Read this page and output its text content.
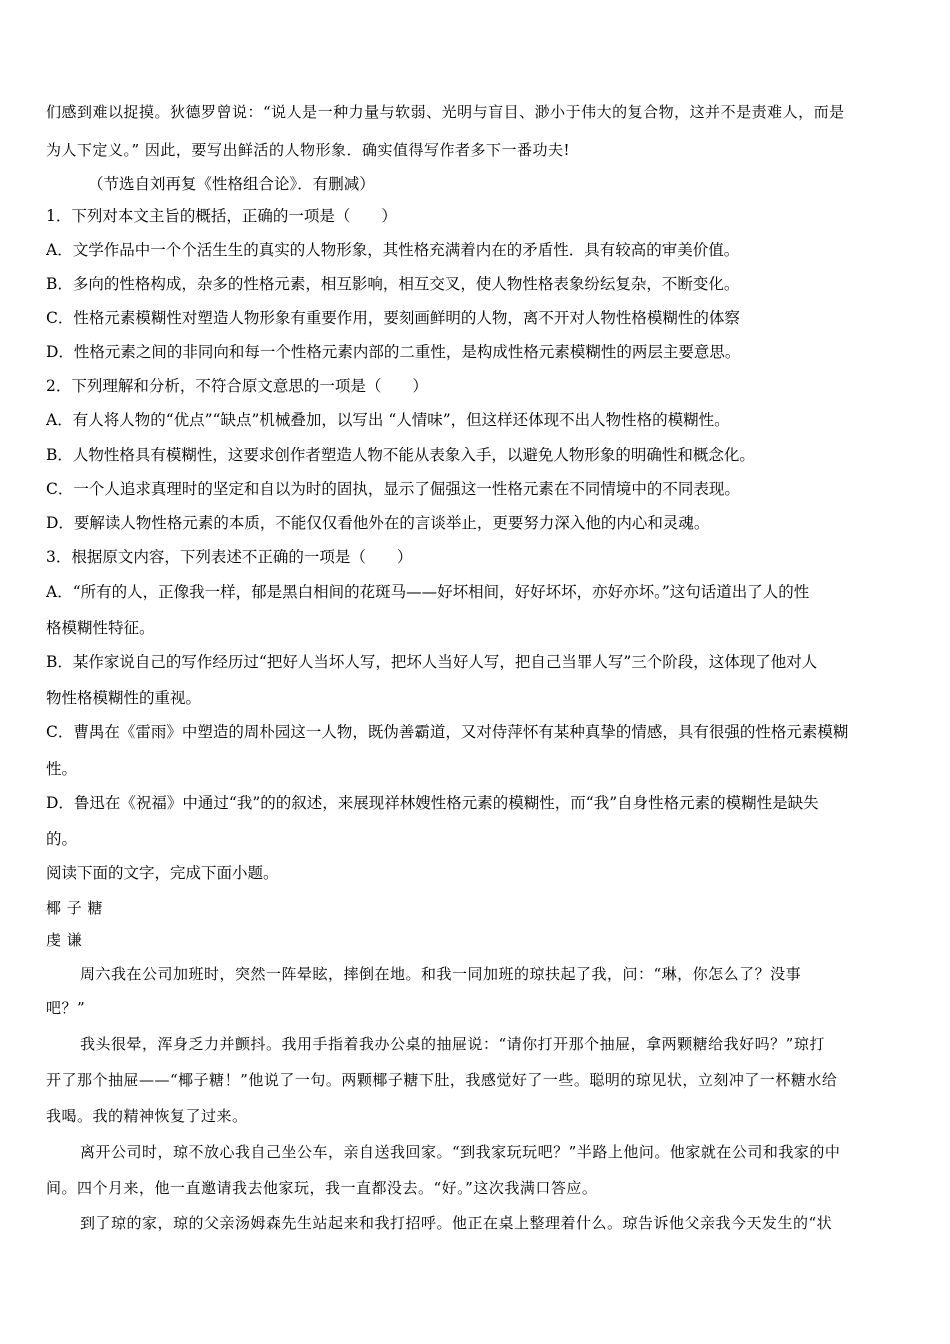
们感到难以捉摸。狄德罗曾说：“说人是一种力量与软弱、光明与盲目、渺小于伟大的复合物，这并不是责难人，而是
为人下定义。” 因此，要写出鲜活的人物形象．确实值得写作者多下一番功夫!
（节选自刘再复《性格组合论》．有删减）
1．下列对本文主旨的概括，正确的一项是（　　）
A．文学作品中一个个活生生的真实的人物形象，其性格充满着内在的矛盾性．具有较高的审美价值。
B．多向的性格构成，杂多的性格元素，相互影响，相互交叉，使人物性格表象纷纭复杂，不断变化。
C．性格元素模糊性对塑造人物形象有重要作用，要刻画鲜明的人物，离不开对人物性格模糊性的体察
D．性格元素之间的非同向和每一个性格元素内部的二重性，是构成性格元素模糊性的两层主要意思。
2．下列理解和分析，不符合原文意思的一项是（　　）
A．有人将人物的“优点”“缺点”机械叠加，以写出 “人情味”，但这样还体现不出人物性格的模糊性。
B．人物性格具有模糊性，这要求创作者塑造人物不能从表象入手，以避免人物形象的明确性和概念化。
C．一个人追求真理时的坚定和自以为时的固执，显示了倔强这一性格元素在不同情境中的不同表现。
D．要解读人物性格元素的本质，不能仅仅看他外在的言谈举止，更要努力深入他的内心和灵魂。
3．根据原文内容，下列表述不正确的一项是（　　）
A．“所有的人，正像我一样，郁是黑白相间的花斑马——好坏相间，好好坏坏，亦好亦坏。”这句话道出了人的性
格模糊性特征。
B．某作家说自己的写作经历过“把好人当坏人写，把坏人当好人写，把自己当罪人写”三个阶段，这体现了他对人
物性格模糊性的重视。
C．曹禺在《雷雨》中塑造的周朴园这一人物，既伪善霸道，又对侍萍怀有某种真挚的情感，具有很强的性格元素模糊
性。
D．鲁迅在《祝福》中通过“我”的的叙述，来展现祥林嫂性格元素的模糊性，而“我”自身性格元素的模糊性是缺失
的。
阅读下面的文字，完成下面小题。
椰 子 糖
虔 谦
周六我在公司加班时，突然一阵晕眩，摔倒在地。和我一同加班的琼扶起了我，问：“琳，你怎么了？没事
吧？”
我头很晕，浑身乏力并颤抖。我用手指着我办公桌的抽屉说：“请你打开那个抽屉，拿两颗糖给我好吗？”琼打
开了那个抽屉——“椰子糖！”他说了一句。两颗椰子糖下肚，我感觉好了一些。聪明的琼见状，立刻冲了一杯糖水给
我喝。我的精神恢复了过来。
离开公司时，琼不放心我自己坐公车，亲自送我回家。“到我家玩玩吧？”半路上他问。他家就在公司和我家的中
间。四个月来，他一直邀请我去他家玩，我一直都没去。“好。”这次我满口答应。
到了琼的家，琼的父亲汤姆森先生站起来和我打招呼。他正在桌上整理着什么。琼告诉他父亲我今天发生的“状
